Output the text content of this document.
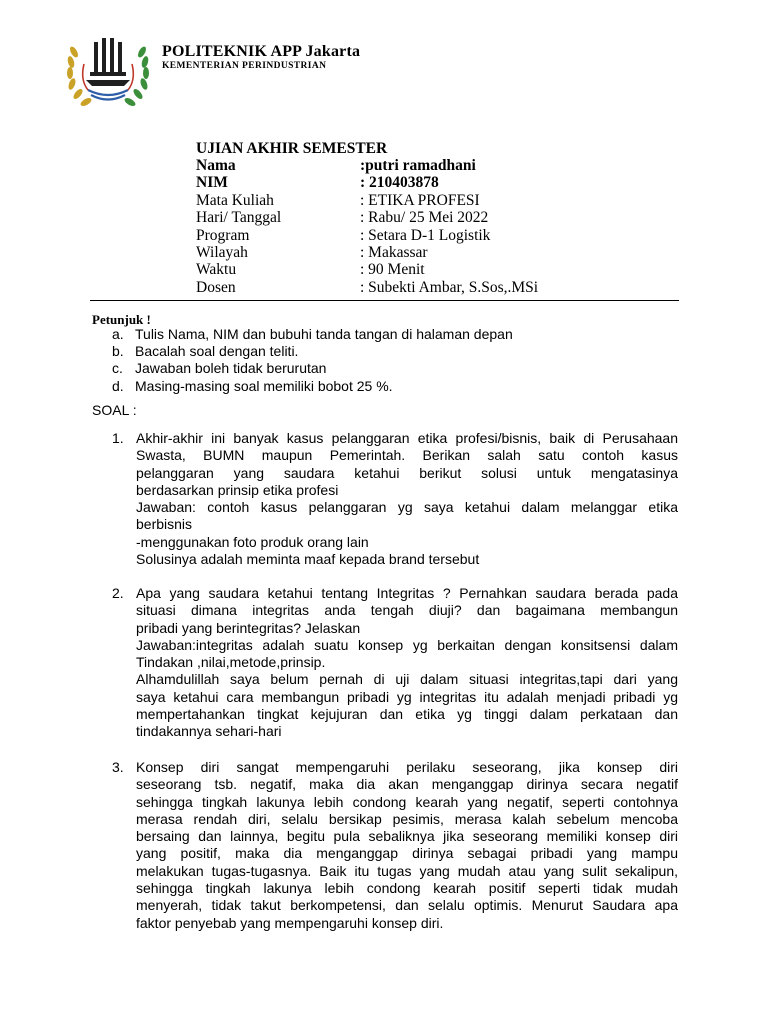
POLITEKNIK APP Jakarta
KEMENTERIAN PERINDUSTRIAN
UJIAN AKHIR SEMESTER
Nama	:putri ramadhani
NIM	: 210403878
Mata Kuliah	: ETIKA PROFESI
Hari/ Tanggal	: Rabu/ 25 Mei 2022
Program	: Setara D-1 Logistik
Wilayah	: Makassar
Waktu	: 90 Menit
Dosen	: Subekti Ambar, S.Sos,.MSi
Petunjuk !
a. Tulis Nama, NIM dan bubuhi tanda tangan di halaman depan
b. Bacalah soal dengan teliti.
c. Jawaban boleh tidak berurutan
d. Masing-masing soal memiliki bobot 25 %.
SOAL :
1. Akhir-akhir ini banyak kasus pelanggaran etika profesi/bisnis, baik di Perusahaan
Swasta, BUMN maupun Pemerintah. Berikan salah satu contoh kasus
pelanggaran yang saudara ketahui berikut solusi untuk mengatasinya
berdasarkan prinsip etika profesi
Jawaban: contoh kasus pelanggaran yg saya ketahui dalam melanggar etika
berbisnis
-menggunakan foto produk orang lain
Solusinya adalah meminta maaf kepada brand tersebut
2. Apa yang saudara ketahui tentang Integritas ? Pernahkan saudara berada pada
situasi dimana integritas anda tengah diuji? dan bagaimana membangun
pribadi yang berintegritas? Jelaskan
Jawaban:integritas adalah suatu konsep yg berkaitan dengan konsitsensi dalam
Tindakan ,nilai,metode,prinsip.
Alhamdulillah saya belum pernah di uji dalam situasi integritas,tapi dari yang
saya ketahui cara membangun pribadi yg integritas itu adalah menjadi pribadi yg
mempertahankan tingkat kejujuran dan etika yg tinggi dalam perkataan dan
tindakannya sehari-hari
3. Konsep diri sangat mempengaruhi perilaku seseorang, jika konsep diri
seseorang tsb. negatif, maka dia akan menganggap dirinya secara negatif
sehingga tingkah lakunya lebih condong kearah yang negatif, seperti contohnya
merasa rendah diri, selalu bersikap pesimis, merasa kalah sebelum mencoba
bersaing dan lainnya, begitu pula sebaliknya jika seseorang memiliki konsep diri
yang positif, maka dia menganggap dirinya sebagai pribadi yang mampu
melakukan tugas-tugasnya. Baik itu tugas yang mudah atau yang sulit sekalipun,
sehingga tingkah lakunya lebih condong kearah positif seperti tidak mudah
menyerah, tidak takut berkompetensi, dan selalu optimis. Menurut Saudara apa
faktor penyebab yang mempengaruhi konsep diri.
